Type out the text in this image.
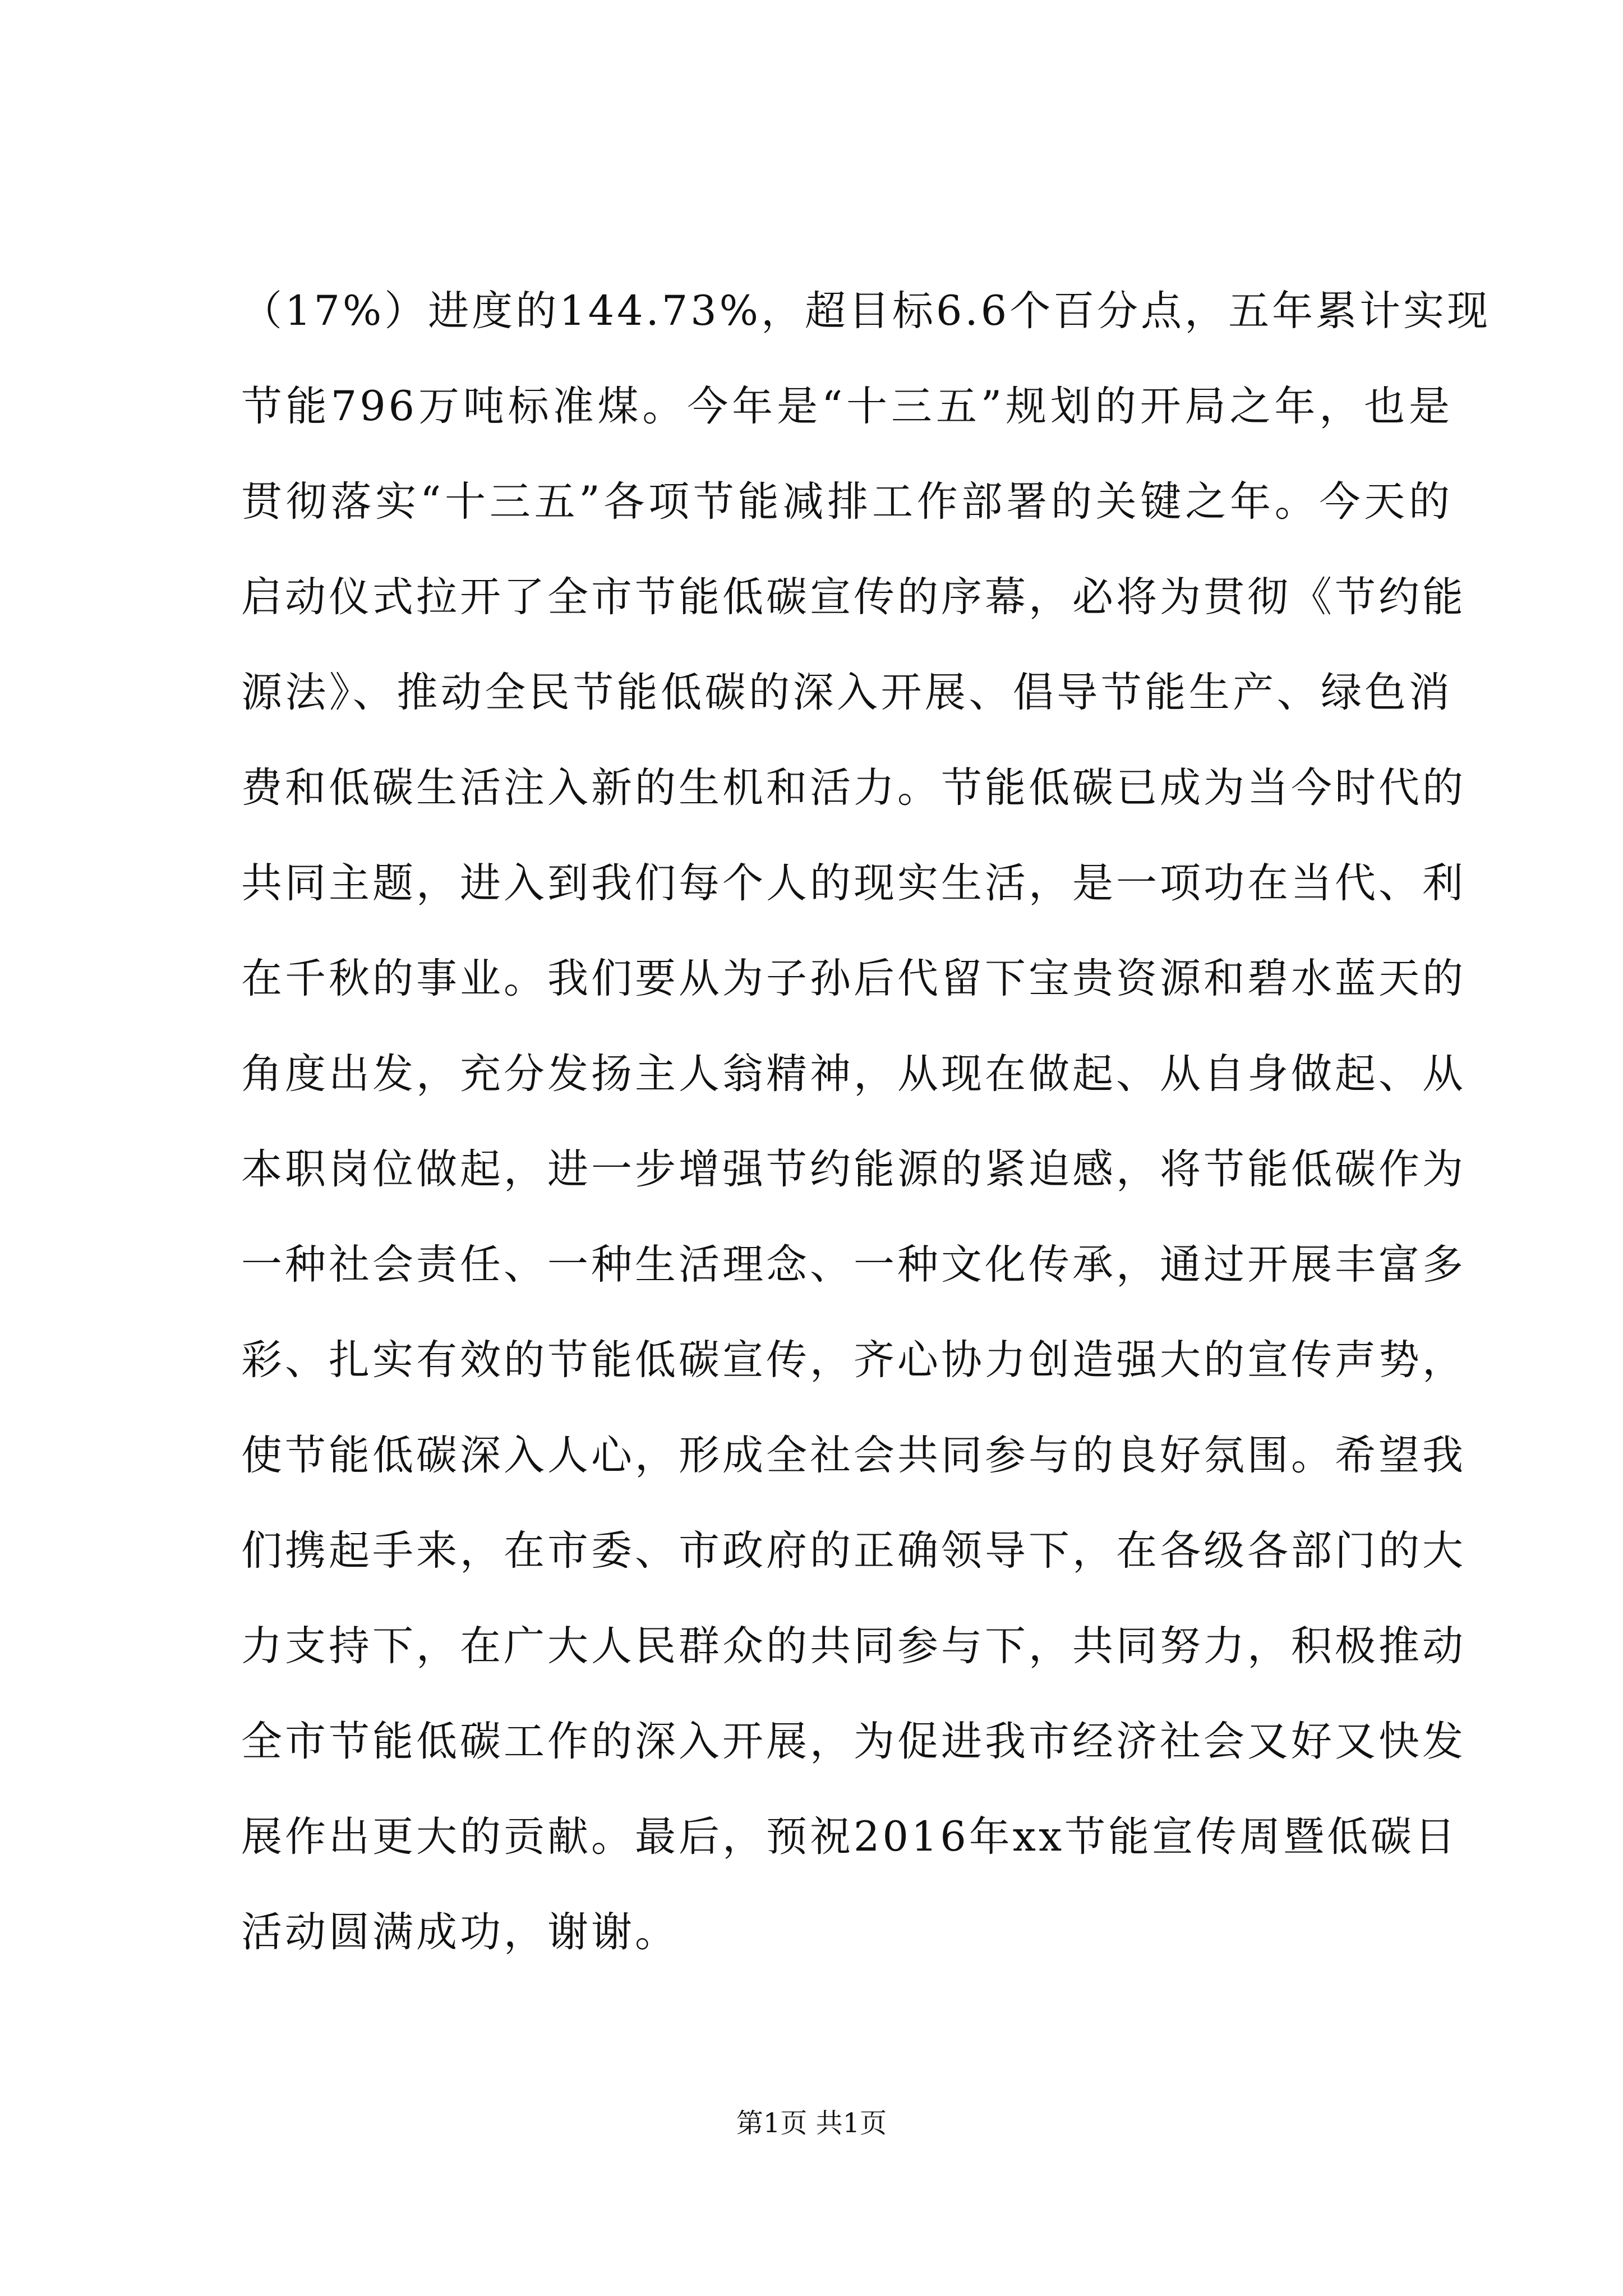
（17%）进度的144.73%，超目标6.6个百分点，五年累计实现
节能796万吨标准煤。今年是“十三五”规划的开局之年，也是
贯彻落实“十三五”各项节能减排工作部署的关键之年。今天的
启动仪式拉开了全市节能低碳宣传的序幕，必将为贯彻《节约能
源法》、推动全民节能低碳的深入开展、倡导节能生产、绿色消
费和低碳生活注入新的生机和活力。节能低碳已成为当今时代的
共同主题，进入到我们每个人的现实生活，是一项功在当代、利
在千秋的事业。我们要从为子孙后代留下宝贵资源和碧水蓝天的
角度出发，充分发扬主人翁精神，从现在做起、从自身做起、从
本职岗位做起，进一步增强节约能源的紧迫感，将节能低碳作为
一种社会责任、一种生活理念、一种文化传承，通过开展丰富多
彩、扎实有效的节能低碳宣传，齐心协力创造强大的宣传声势，
使节能低碳深入人心，形成全社会共同参与的良好氛围。希望我
们携起手来，在市委、市政府的正确领导下，在各级各部门的大
力支持下，在广大人民群众的共同参与下，共同努力，积极推动
全市节能低碳工作的深入开展，为促进我市经济社会又好又快发
展作出更大的贡献。最后，预祝2016年xx节能宣传周暨低碳日
活动圆满成功，谢谢。
第1页 共1页
